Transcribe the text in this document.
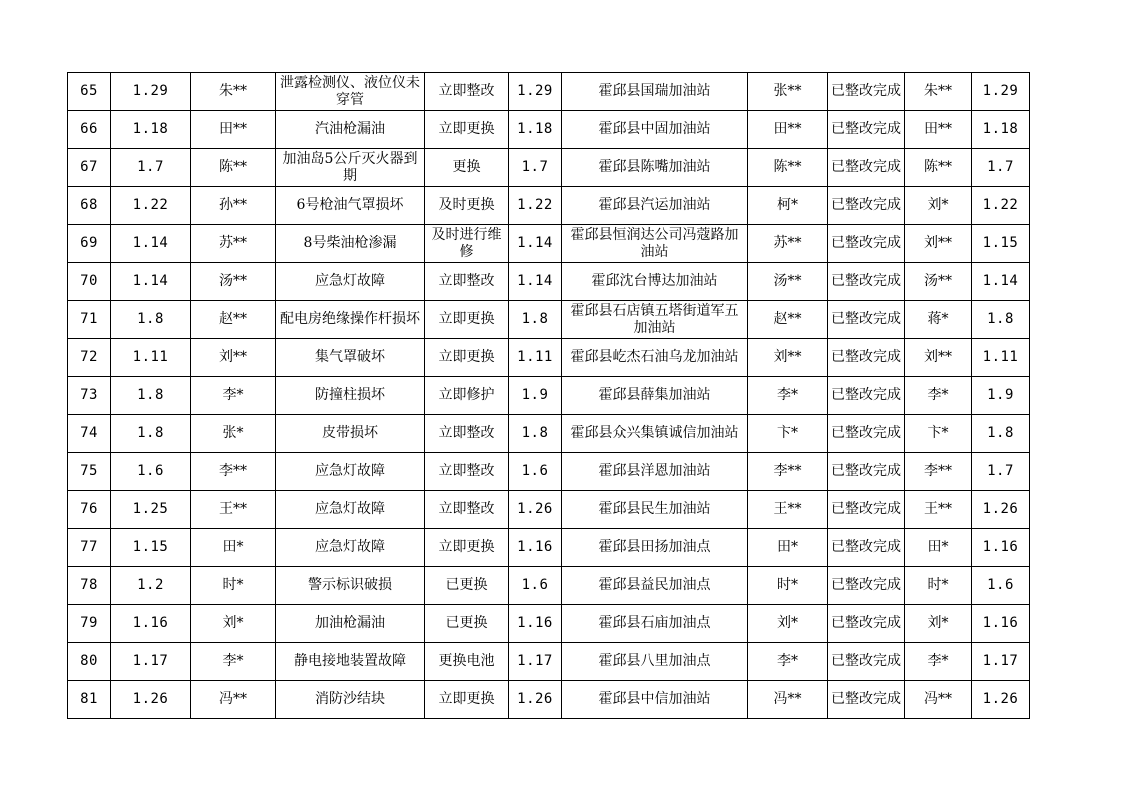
65	1.29	朱**	泄露检测仪、液位仪未穿管	立即整改	1.29	霍邱县国瑞加油站	张**	已整改完成	朱**	1.29
66	1.18	田**	汽油枪漏油	立即更换	1.18	霍邱县中固加油站	田**	已整改完成	田**	1.18
67	1.7	陈**	加油岛5公斤灭火器到期	更换	1.7	霍邱县陈嘴加油站	陈**	已整改完成	陈**	1.7
68	1.22	孙**	6号枪油气罩损坏	及时更换	1.22	霍邱县汽运加油站	柯*	已整改完成	刘*	1.22
69	1.14	苏**	8号柴油枪渗漏	及时进行维修	1.14	霍邱县恒润达公司冯蔻路加油站	苏**	已整改完成	刘**	1.15
70	1.14	汤**	应急灯故障	立即整改	1.14	霍邱沈台博达加油站	汤**	已整改完成	汤**	1.14
71	1.8	赵**	配电房绝缘操作杆损坏	立即更换	1.8	霍邱县石店镇五塔街道军五加油站	赵**	已整改完成	蒋*	1.8
72	1.11	刘**	集气罩破坏	立即更换	1.11	霍邱县屹杰石油乌龙加油站	刘**	已整改完成	刘**	1.11
73	1.8	李*	防撞柱损坏	立即修护	1.9	霍邱县薛集加油站	李*	已整改完成	李*	1.9
74	1.8	张*	皮带损坏	立即整改	1.8	霍邱县众兴集镇诚信加油站	卞*	已整改完成	卞*	1.8
75	1.6	李**	应急灯故障	立即整改	1.6	霍邱县洋恩加油站	李**	已整改完成	李**	1.7
76	1.25	王**	应急灯故障	立即整改	1.26	霍邱县民生加油站	王**	已整改完成	王**	1.26
77	1.15	田*	应急灯故障	立即更换	1.16	霍邱县田扬加油点	田*	已整改完成	田*	1.16
78	1.2	时*	警示标识破损	已更换	1.6	霍邱县益民加油点	时*	已整改完成	时*	1.6
79	1.16	刘*	加油枪漏油	已更换	1.16	霍邱县石庙加油点	刘*	已整改完成	刘*	1.16
80	1.17	李*	静电接地装置故障	更换电池	1.17	霍邱县八里加油点	李*	已整改完成	李*	1.17
81	1.26	冯**	消防沙结块	立即更换	1.26	霍邱县中信加油站	冯**	已整改完成	冯**	1.26
